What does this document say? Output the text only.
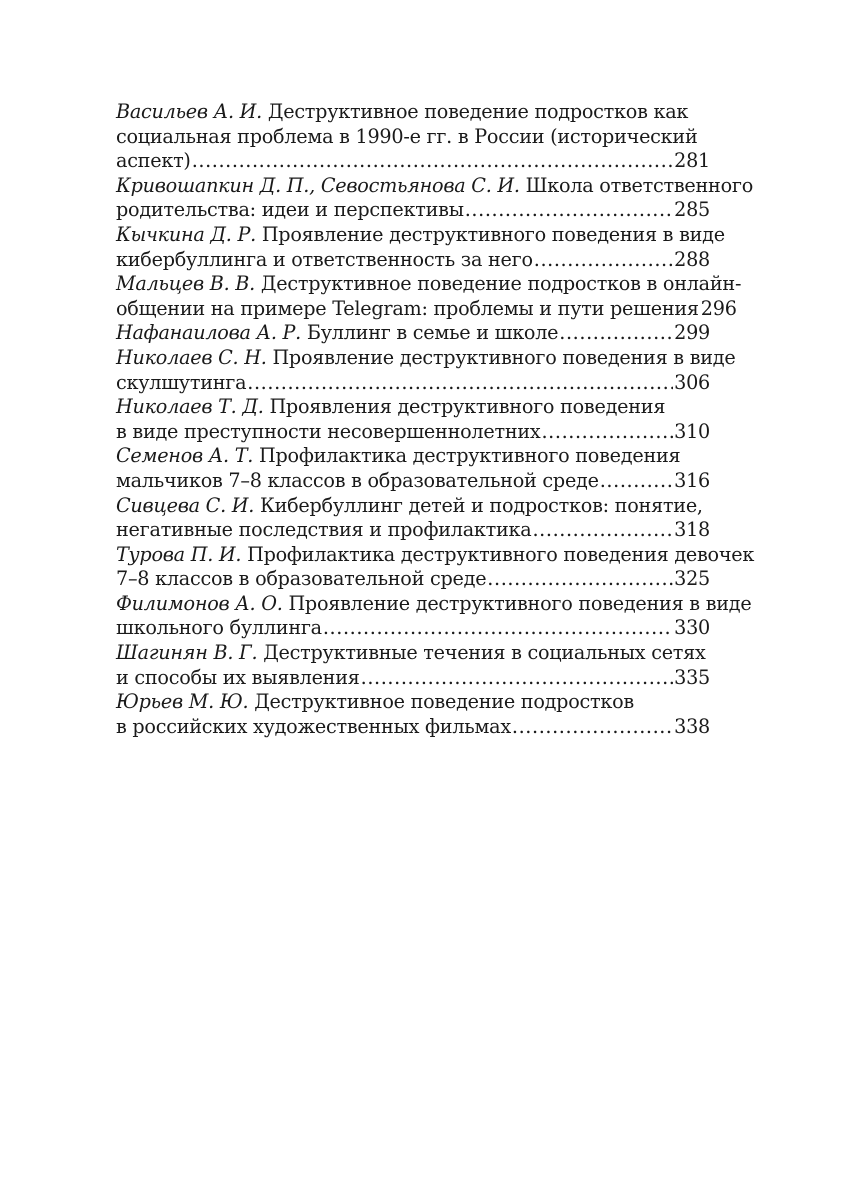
Васильев А. И. Деструктивное поведение подростков как
социальная проблема в 1990-е гг. в России (исторический
аспект) .....	281
Кривошапкин Д. П., Севостьянова С. И. Школа ответственного
родительства: идеи и перспективы .....	285
Кычкина Д. Р. Проявление деструктивного поведения в виде
кибербуллинга и ответственность за него .....	288
Мальцев В. В. Деструктивное поведение подростков в онлайн-
общении на примере Telegram: проблемы и пути решения 296
Нафанаилова А. Р. Буллинг в семье и школе .....	299
Николаев С. Н. Проявление деструктивного поведения в виде
скулшутинга .....	306
Николаев Т. Д. Проявления деструктивного поведения
в виде преступности несовершеннолетних .....	310
Семенов А. Т. Профилактика деструктивного поведения
мальчиков 7–8 классов в образовательной среде .....	316
Сивцева С. И. Кибербуллинг детей и подростков: понятие,
негативные последствия и профилактика .....	318
Турова П. И. Профилактика деструктивного поведения девочек
7–8 классов в образовательной среде .....	325
Филимонов А. О. Проявление деструктивного поведения в виде
школьного буллинга .....	330
Шагинян В. Г. Деструктивные течения в социальных сетях
и способы их выявления .....	335
Юрьев М. Ю. Деструктивное поведение подростков
в российских художественных фильмах .....	338
